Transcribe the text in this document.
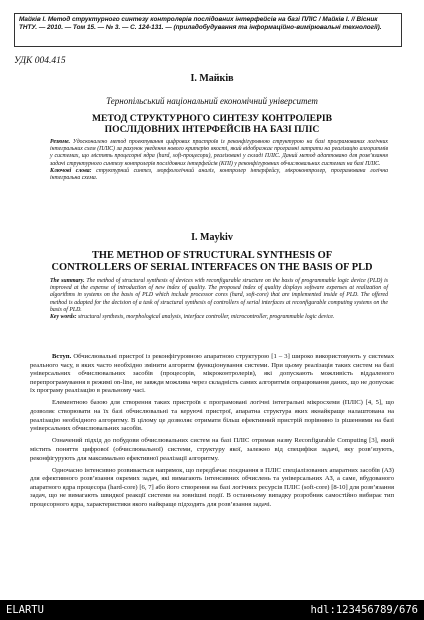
Майків І. Метод структурного синтезу контролерів послідовних інтерфейсів на базі ПЛІС / Майків І. // Вісник ТНТУ. — 2010. — Том 15. — № 3. — С. 124-131. — (приладобудування та інформаційно-вимірювальні технології).
УДК 004.415
І. Майків
Тернопільський національний економічний університет
МЕТОД СТРУКТУРНОГО СИНТЕЗУ КОНТРОЛЕРІВ
ПОСЛІДОВНИХ ІНТЕРФЕЙСІВ НА БАЗІ ПЛІС
Резюме. Удосконалено метод проектування цифрових пристроїв із реконфігуровною структурою на базі програмованих логічних інтегральних схем (ПЛІС) за рахунок уведення нового критерію якості, який відображає програмні затрати на реалізацію алгоритмів у системах, що містять процесорні ядра (hard, soft-процесори), реалізовані у складі ПЛІС. Даний метод адаптовано для розв’язання задачі структурного синтезу контролерів послідовних інтерфейсів (КПІ) у реконфігуровних обчислювальних системах на базі ПЛІС.
Ключові слова: структурний синтез, морфологічний аналіз, контролер інтерфейсу, мікроконтролер, програмована логічна інтегральна схема.
I. Maykiv
THE METHOD OF STRUCTURAL SYNTHESIS OF
CONTROLLERS OF SERIAL INTERFACES ON THE BASIS OF PLD
The summary. The method of structural synthesis of devices with reconfigurable structure on the basis of programmable logic device (PLD) is improved at the expense of introduction of new index of quality. The proposed index of quality displays software expenses at realization of algorithms in systems on the basis of PLD which include processor cores (hard, soft-core) that are implemented inside of PLD. The offered method is adapted for the decision of a task of structural synthesis of controllers of serial interfaces at reconfigurable computing systems on the basis of PLD.
Key words: structural synthesis, morphological analysis, interface controller, microcontroller, programmable logic device.

Вступ. Обчислювальні пристрої із реконфігуровною апаратною структурою [1 – 3] широко використовують у системах реального часу, в яких часто необхідно змінити алгоритм функціонування системи. При цьому реалізація таких систем на базі універсальних обчислювальних засобів (процесорів, мікроконтролерів), які допускають можливість віддаленого перепрограмування в режимі on-line, не завжди можлива через складність самих алгоритмів опрацювання даних, що не допускає їх програму реалізацію в реальному часі.

Елементною базою для створення таких пристроїв є програмовані логічні інтегральні мікросхеми (ПЛІС) [4, 5], що дозволяє створювати на їх базі обчислювальні та керуючі пристрої, апаратна структура яких якнайкраще налаштована на реалізацію необхідного алгоритму. В цілому це дозволяє отримати більш ефективний пристрій порівняно із рішеннями на базі універсальних обчислювальних засобів.

Означений підхід до побудови обчислювальних систем на базі ПЛІС отримав назву Reconfigurable Computing [3], який містить поняття цифрової (обчислювальної) системи, структуру якої, залежно від специфіки задачі, яку розв’язують, реконфігурують для максимально ефективної реалізації алгоритму.

Одночасно інтенсивно розвивається напрямок, що передбачає поєднання в ПЛІС спеціалізованих апаратних засобів (АЗ) для ефективного розв’язання окремих задач, які вимагають інтенсивних обчислень та універсальних АЗ, а саме, вбудованого апаратного ядра процесора (hard-core) [6, 7] або його створення на базі логічних ресурсів ПЛІС (soft-core) [8-10] для розв’язання задач, що не вимагають швидкої реакції системи на зовнішні події. В останньому випадку розробник самостійно вибирає тип процесорного ядра, характеристики якого найкраще підходять для розв’язання задачі.

ELARTU	hdl:123456789/676
